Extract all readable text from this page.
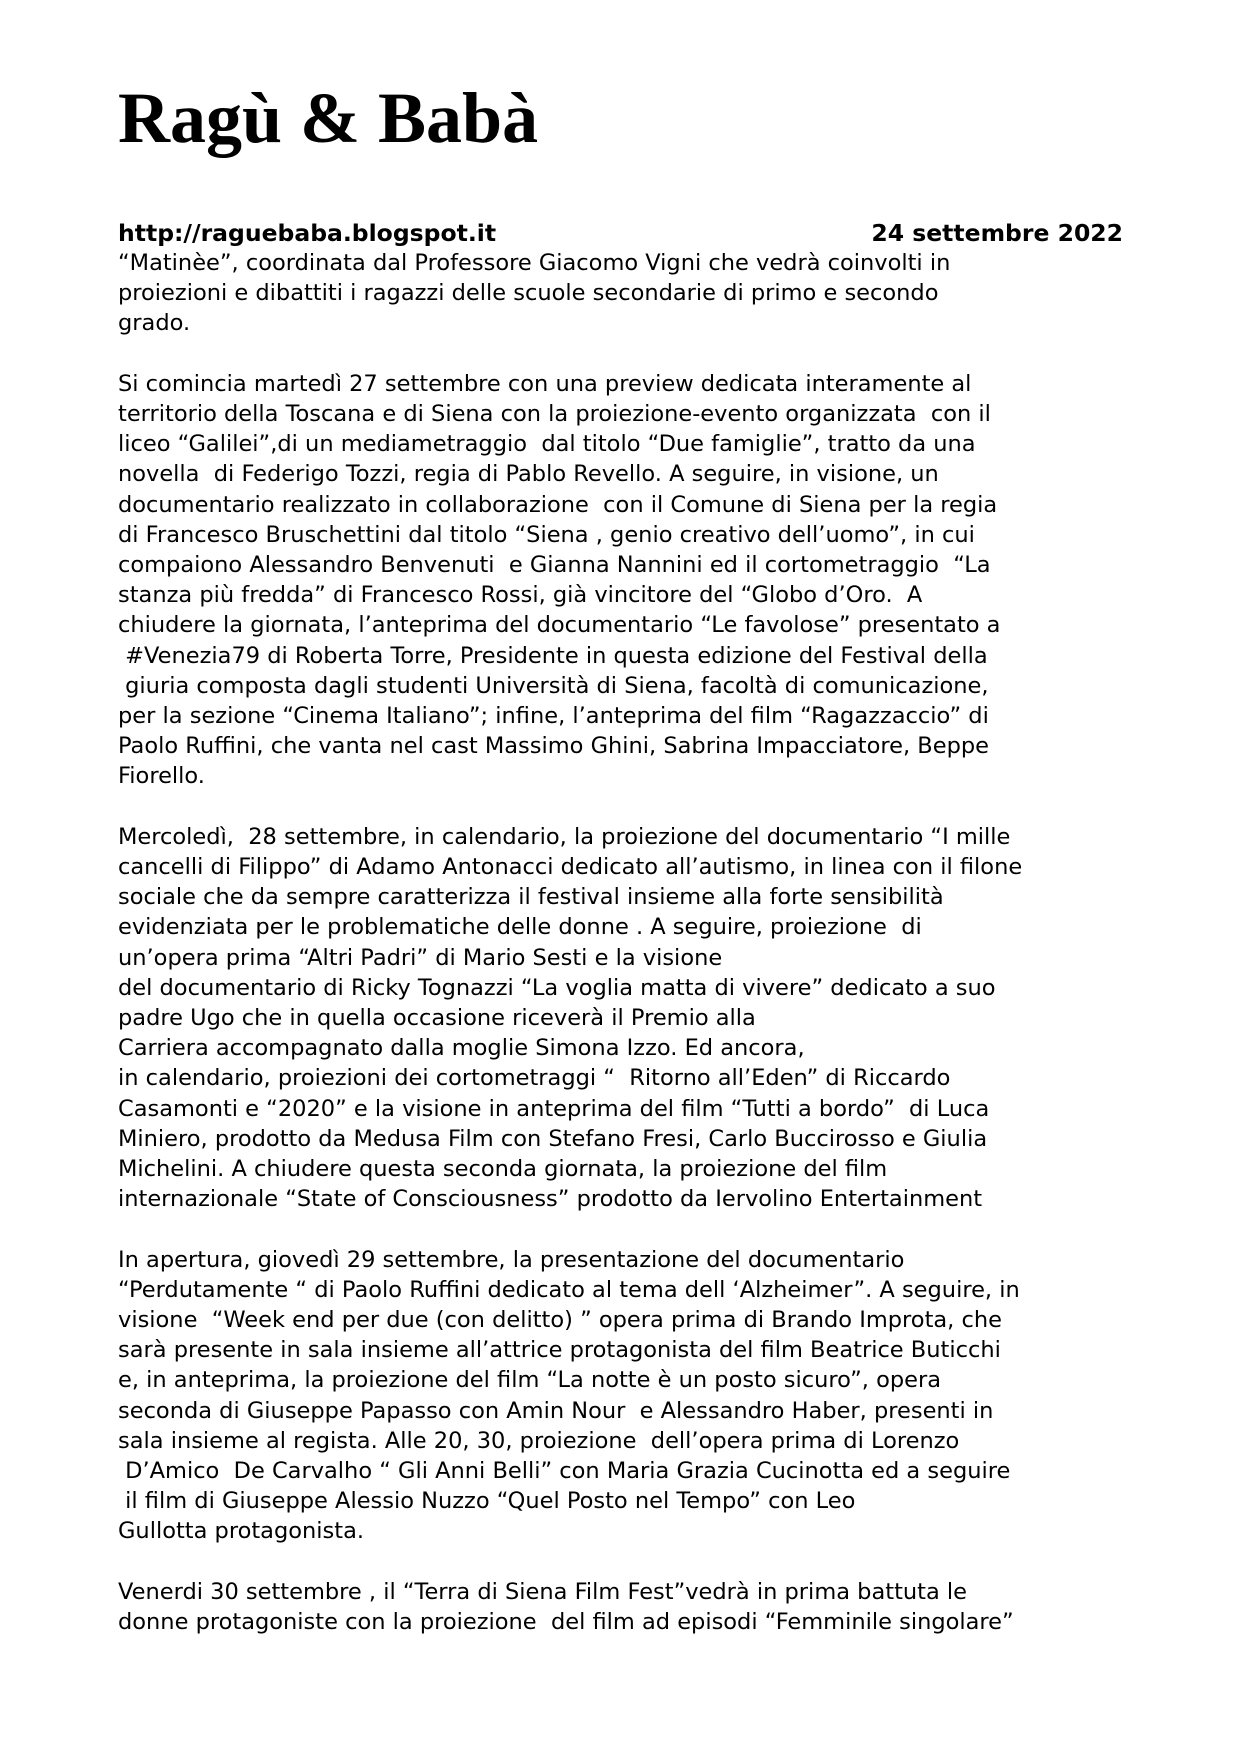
Ragù & Babà
http://raguebaba.blogspot.it	24 settembre 2022

“Matinèe”, coordinata dal Professore Giacomo Vigni che vedrà coinvolti in
proiezioni e dibattiti i ragazzi delle scuole secondarie di primo e secondo
grado.

Si comincia martedì 27 settembre con una preview dedicata interamente al
territorio della Toscana e di Siena con la proiezione-evento organizzata  con il
liceo “Galilei”,di un mediametraggio  dal titolo “Due famiglie”, tratto da una
novella  di Federigo Tozzi, regia di Pablo Revello. A seguire, in visione, un
documentario realizzato in collaborazione  con il Comune di Siena per la regia
di Francesco Bruschettini dal titolo “Siena , genio creativo dell’uomo”, in cui
compaiono Alessandro Benvenuti  e Gianna Nannini ed il cortometraggio  “La
stanza più fredda” di Francesco Rossi, già vincitore del “Globo d’Oro.  A
chiudere la giornata, l’anteprima del documentario “Le favolose” presentato a
#Venezia79 di Roberta Torre, Presidente in questa edizione del Festival della
giuria composta dagli studenti Università di Siena, facoltà di comunicazione,
per la sezione “Cinema Italiano”; infine, l’anteprima del film “Ragazzaccio” di
Paolo Ruffini, che vanta nel cast Massimo Ghini, Sabrina Impacciatore, Beppe
Fiorello.

Mercoledì,  28 settembre, in calendario, la proiezione del documentario “I mille
cancelli di Filippo” di Adamo Antonacci dedicato all’autismo, in linea con il filone
sociale che da sempre caratterizza il festival insieme alla forte sensibilità
evidenziata per le problematiche delle donne . A seguire, proiezione  di
un’opera prima “Altri Padri” di Mario Sesti e la visione
del documentario di Ricky Tognazzi “La voglia matta di vivere” dedicato a suo
padre Ugo che in quella occasione riceverà il Premio alla
Carriera accompagnato dalla moglie Simona Izzo. Ed ancora,
in calendario, proiezioni dei cortometraggi “  Ritorno all’Eden” di Riccardo
Casamonti e “2020” e la visione in anteprima del film “Tutti a bordo”  di Luca
Miniero, prodotto da Medusa Film con Stefano Fresi, Carlo Buccirosso e Giulia
Michelini. A chiudere questa seconda giornata, la proiezione del film
internazionale “State of Consciousness” prodotto da Iervolino Entertainment

In apertura, giovedì 29 settembre, la presentazione del documentario
“Perdutamente “ di Paolo Ruffini dedicato al tema dell ‘Alzheimer”. A seguire, in
visione  “Week end per due (con delitto) ” opera prima di Brando Improta, che
sarà presente in sala insieme all’attrice protagonista del film Beatrice Buticchi
e, in anteprima, la proiezione del film “La notte è un posto sicuro”, opera
seconda di Giuseppe Papasso con Amin Nour  e Alessandro Haber, presenti in
sala insieme al regista. Alle 20, 30, proiezione  dell’opera prima di Lorenzo
D’Amico  De Carvalho “ Gli Anni Belli” con Maria Grazia Cucinotta ed a seguire
il film di Giuseppe Alessio Nuzzo “Quel Posto nel Tempo” con Leo
Gullotta protagonista.

Venerdi 30 settembre , il “Terra di Siena Film Fest”vedrà in prima battuta le
donne protagoniste con la proiezione  del film ad episodi “Femminile singolare”
